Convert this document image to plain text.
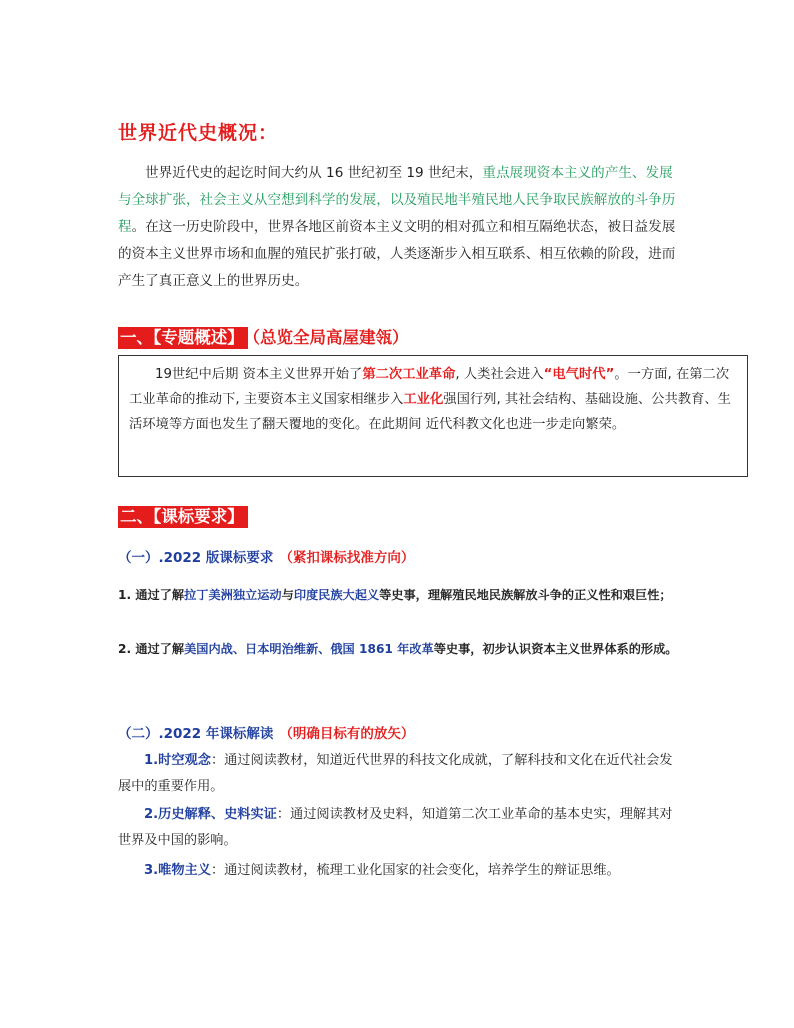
世界近代史概况：
世界近代史的起讫时间大约从 16 世纪初至 19 世纪末，重点展现资本主义的产生、发展与全球扩张，社会主义从空想到科学的发展，以及殖民地半殖民地人民争取民族解放的斗争历程。在这一历史阶段中，世界各地区前资本主义文明的相对孤立和相互隔绝状态，被日益发展的资本主义世界市场和血腥的殖民扩张打破，人类逐渐步入相互联系、相互依赖的阶段，进而产生了真正意义上的世界历史。
一、【专题概述】 （总览全局高屋建瓴）
19世纪中后期 资本主义世界开始了第二次工业革命, 人类社会进入“电气时代”。一方面, 在第二次工业革命的推动下, 主要资本主义国家相继步入工业化强国行列, 其社会结构、基础设施、公共教育、生活环境等方面也发生了翻天覆地的变化。在此期间 近代科教文化也进一步走向繁荣。
二、【课标要求】
（一）.2022 版课标要求 （紧扣课标找准方向）
1. 通过了解拉丁美洲独立运动与印度民族大起义等史事，理解殖民地民族解放斗争的正义性和艰巨性；
2. 通过了解美国内战、日本明治维新、俄国 1861 年改革等史事，初步认识资本主义世界体系的形成。
（二）.2022 年课标解读 （明确目标有的放矢）
1.时空观念：通过阅读教材，知道近代世界的科技文化成就，了解科技和文化在近代社会发展中的重要作用。
2.历史解释、史料实证：通过阅读教材及史料，知道第二次工业革命的基本史实，理解其对世界及中国的影响。
3.唯物主义：通过阅读教材，梳理工业化国家的社会变化，培养学生的辩证思维。
